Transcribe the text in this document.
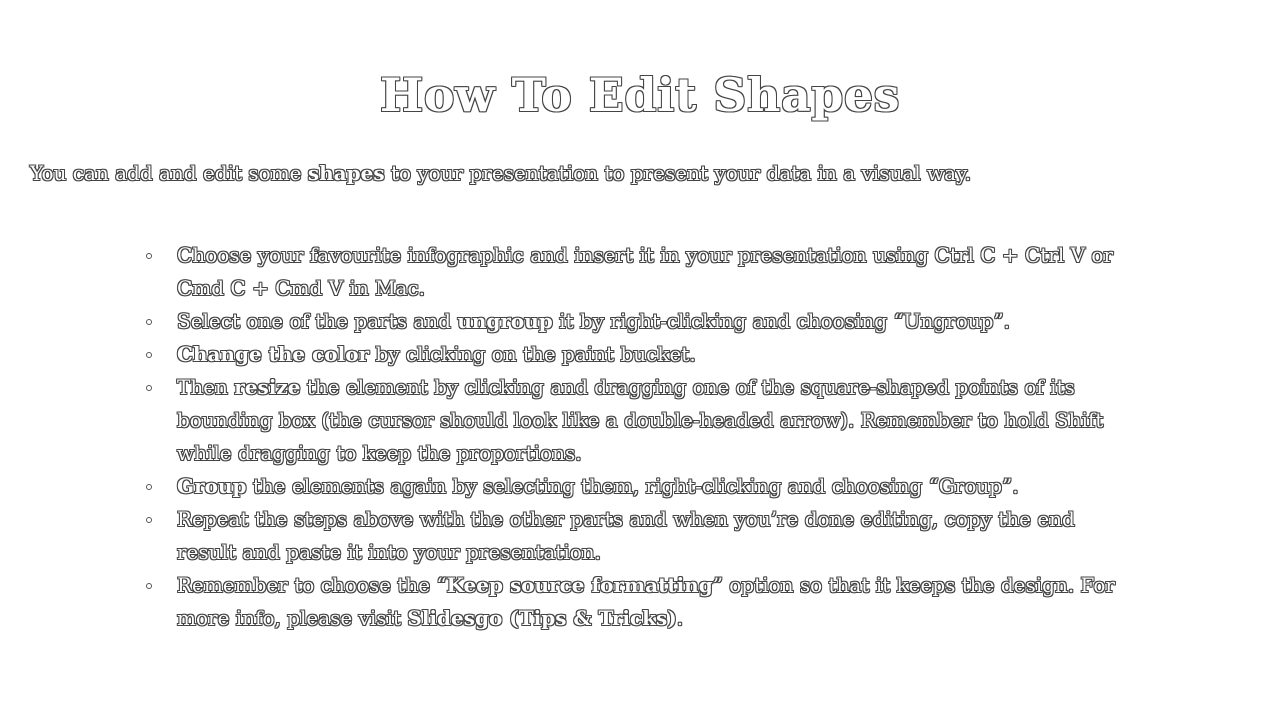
How To Edit Shapes

You can add and edit some shapes to your presentation to present your data in a visual way.

Choose your favourite infographic and insert it in your presentation using Ctrl C + Ctrl V or Cmd C + Cmd V in Mac.
Select one of the parts and ungroup it by right-clicking and choosing “Ungroup”.
Change the color by clicking on the paint bucket.
Then resize the element by clicking and dragging one of the square-shaped points of its bounding box (the cursor should look like a double-headed arrow). Remember to hold Shift while dragging to keep the proportions.
Group the elements again by selecting them, right-clicking and choosing “Group”.
Repeat the steps above with the other parts and when you’re done editing, copy the end result and paste it into your presentation.
Remember to choose the “Keep source formatting” option so that it keeps the design. For more info, please visit Slidesgo (Tips & Tricks).
